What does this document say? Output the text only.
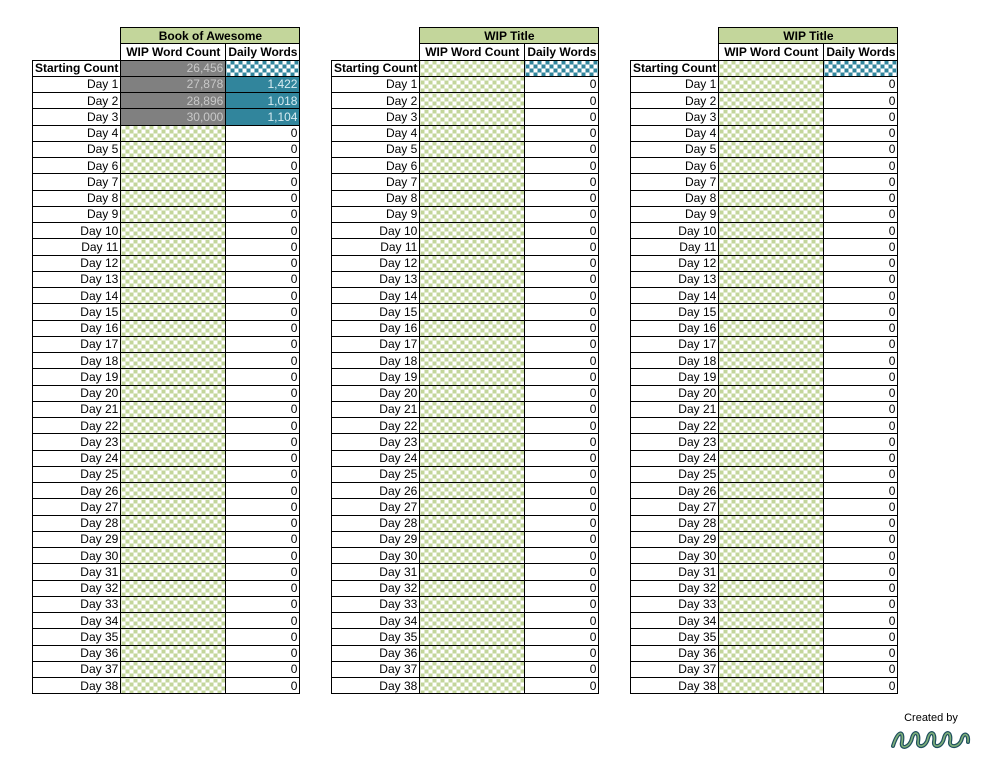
	Book of Awesome	
	WIP Word Count	Daily Words
Starting Count	26,456	
Day 1	27,878	1,422
Day 2	28,896	1,018
Day 3	30,000	1,104
Day 4		0
Day 5		0
Day 6		0
Day 7		0
Day 8		0
Day 9		0
Day 10		0
Day 11		0
Day 12		0
Day 13		0
Day 14		0
Day 15		0
Day 16		0
Day 17		0
Day 18		0
Day 19		0
Day 20		0
Day 21		0
Day 22		0
Day 23		0
Day 24		0
Day 25		0
Day 26		0
Day 27		0
Day 28		0
Day 29		0
Day 30		0
Day 31		0
Day 32		0
Day 33		0
Day 34		0
Day 35		0
Day 36		0
Day 37		0
Day 38		0
	WIP Title	
	WIP Word Count	Daily Words
Starting Count		
Day 1		0
Day 2		0
Day 3		0
Day 4		0
Day 5		0
Day 6		0
Day 7		0
Day 8		0
Day 9		0
Day 10		0
Day 11		0
Day 12		0
Day 13		0
Day 14		0
Day 15		0
Day 16		0
Day 17		0
Day 18		0
Day 19		0
Day 20		0
Day 21		0
Day 22		0
Day 23		0
Day 24		0
Day 25		0
Day 26		0
Day 27		0
Day 28		0
Day 29		0
Day 30		0
Day 31		0
Day 32		0
Day 33		0
Day 34		0
Day 35		0
Day 36		0
Day 37		0
Day 38		0
	WIP Title	
	WIP Word Count	Daily Words
Starting Count		
Day 1		0
Day 2		0
Day 3		0
Day 4		0
Day 5		0
Day 6		0
Day 7		0
Day 8		0
Day 9		0
Day 10		0
Day 11		0
Day 12		0
Day 13		0
Day 14		0
Day 15		0
Day 16		0
Day 17		0
Day 18		0
Day 19		0
Day 20		0
Day 21		0
Day 22		0
Day 23		0
Day 24		0
Day 25		0
Day 26		0
Day 27		0
Day 28		0
Day 29		0
Day 30		0
Day 31		0
Day 32		0
Day 33		0
Day 34		0
Day 35		0
Day 36		0
Day 37		0
Day 38		0
Created by
